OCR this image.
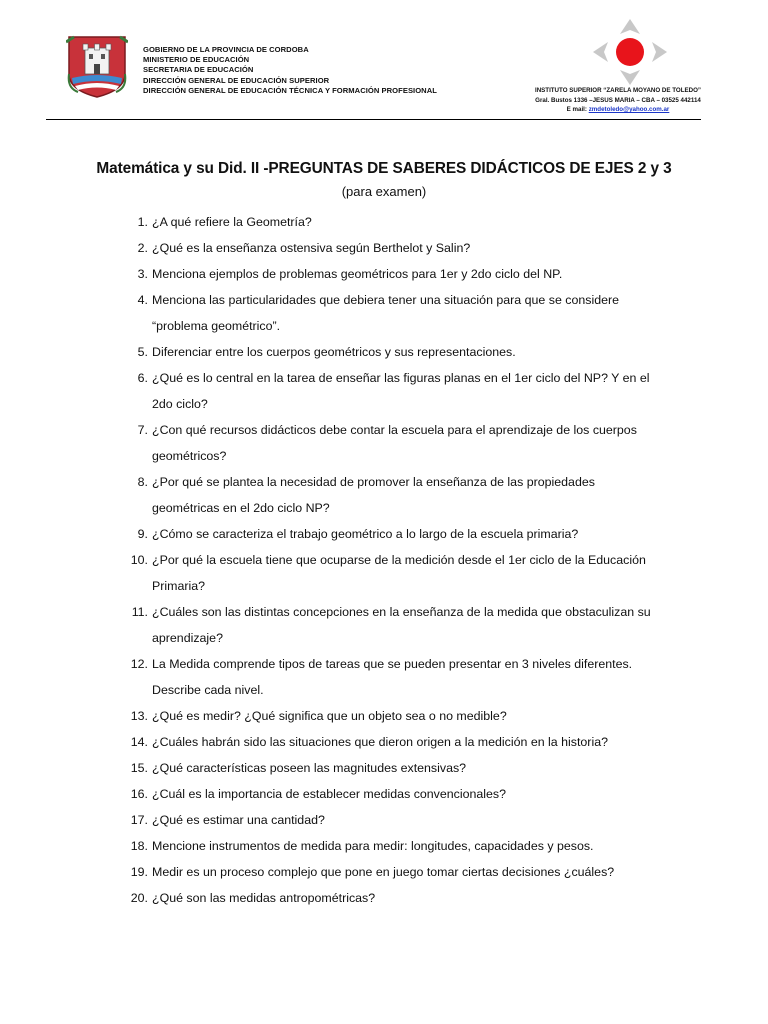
GOBIERNO DE LA PROVINCIA DE CORDOBA
MINISTERIO DE EDUCACIÓN
SECRETARIA DE EDUCACIÓN
DIRECCIÓN GENERAL DE EDUCACIÓN SUPERIOR
DIRECCIÓN GENERAL DE EDUCACIÓN TÉCNICA Y FORMACIÓN PROFESIONAL	INSTITUTO SUPERIOR “ZARELA MOYANO DE TOLEDO”
Gral. Bustos 1336 –JESUS MARIA – CBA – 03525 442114
E mail: zmdetoledo@yahoo.com.ar
Matemática y su Did. II -PREGUNTAS DE SABERES DIDÁCTICOS DE EJES 2 y 3
(para examen)
1. ¿A qué refiere la Geometría?
2. ¿Qué es la enseñanza ostensiva según Berthelot y Salin?
3. Menciona ejemplos de problemas geométricos para 1er y 2do ciclo del NP.
4. Menciona las particularidades que debiera tener una situación para que se considere
“problema geométrico”.
5. Diferenciar entre los cuerpos geométricos y sus representaciones.
6. ¿Qué es lo central en la tarea de enseñar las figuras planas en el 1er ciclo del NP? Y en el
2do ciclo?
7. ¿Con qué recursos didácticos debe contar la escuela para el aprendizaje de los cuerpos
geométricos?
8. ¿Por qué se plantea la necesidad de promover la enseñanza de las propiedades
geométricas en el 2do ciclo NP?
9. ¿Cómo se caracteriza el trabajo geométrico a lo largo de la escuela primaria?
10. ¿Por qué la escuela tiene que ocuparse de la medición desde el 1er ciclo de la Educación
Primaria?
11. ¿Cuáles son las distintas concepciones en la enseñanza de la medida que obstaculizan su
aprendizaje?
12. La Medida comprende tipos de tareas que se pueden presentar en 3 niveles diferentes.
Describe cada nivel.
13. ¿Qué es medir? ¿Qué significa que un objeto sea o no medible?
14. ¿Cuáles habrán sido las situaciones que dieron origen a la medición en la historia?
15. ¿Qué características poseen las magnitudes extensivas?
16. ¿Cuál es la importancia de establecer medidas convencionales?
17. ¿Qué es estimar una cantidad?
18. Mencione instrumentos de medida para medir: longitudes, capacidades y pesos.
19. Medir es un proceso complejo que pone en juego tomar ciertas decisiones ¿cuáles?
20. ¿Qué son las medidas antropométricas?
